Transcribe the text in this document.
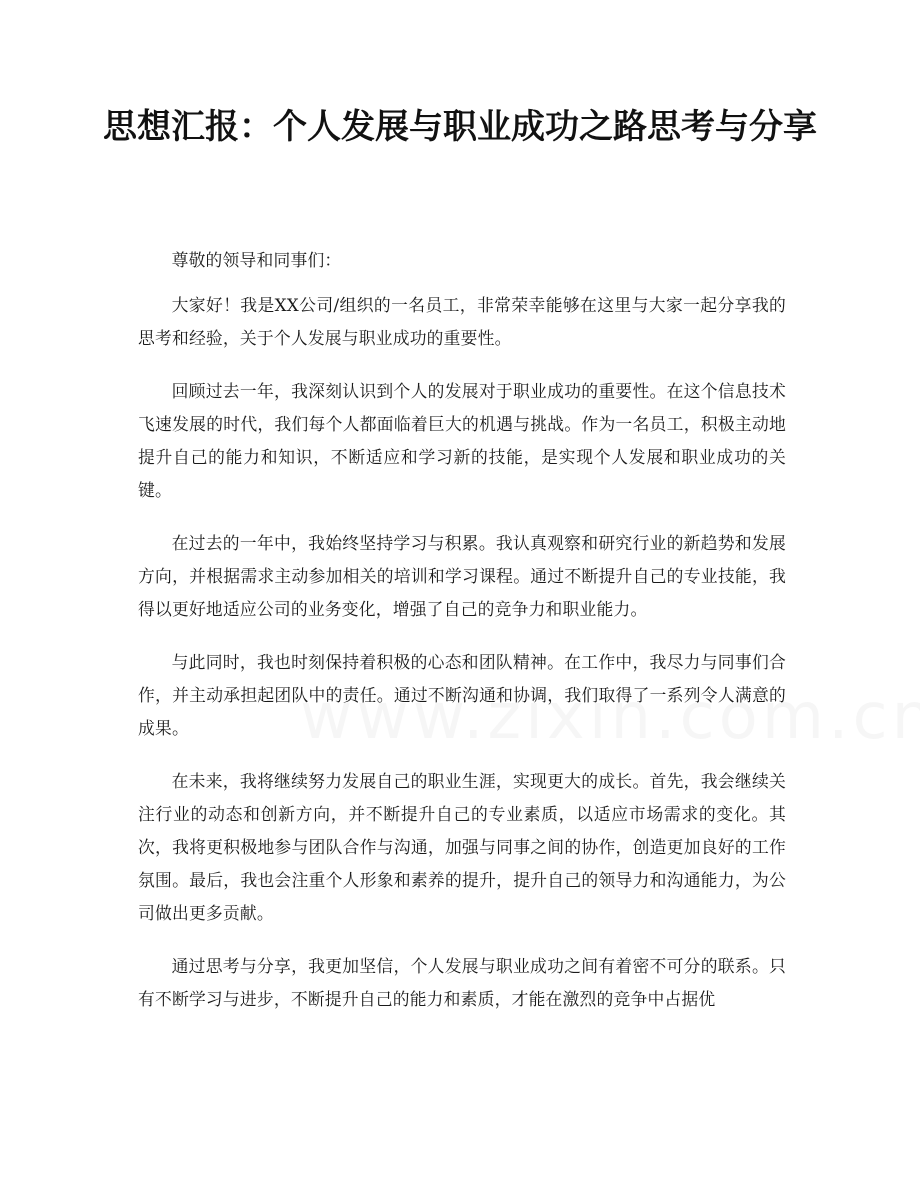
思想汇报：个人发展与职业成功之路思考与分享

尊敬的领导和同事们：

大家好！我是XX公司/组织的一名员工，非常荣幸能够在这里与大家一起分享我的思考和经验，关于个人发展与职业成功的重要性。

回顾过去一年，我深刻认识到个人的发展对于职业成功的重要性。在这个信息技术飞速发展的时代，我们每个人都面临着巨大的机遇与挑战。作为一名员工，积极主动地提升自己的能力和知识，不断适应和学习新的技能，是实现个人发展和职业成功的关键。

在过去的一年中，我始终坚持学习与积累。我认真观察和研究行业的新趋势和发展方向，并根据需求主动参加相关的培训和学习课程。通过不断提升自己的专业技能，我得以更好地适应公司的业务变化，增强了自己的竞争力和职业能力。

与此同时，我也时刻保持着积极的心态和团队精神。在工作中，我尽力与同事们合作，并主动承担起团队中的责任。通过不断沟通和协调，我们取得了一系列令人满意的成果。

在未来，我将继续努力发展自己的职业生涯，实现更大的成长。首先，我会继续关注行业的动态和创新方向，并不断提升自己的专业素质，以适应市场需求的变化。其次，我将更积极地参与团队合作与沟通，加强与同事之间的协作，创造更加良好的工作氛围。最后，我也会注重个人形象和素养的提升，提升自己的领导力和沟通能力，为公司做出更多贡献。

通过思考与分享，我更加坚信，个人发展与职业成功之间有着密不可分的联系。只有不断学习与进步，不断提升自己的能力和素质，才能在激烈的竞争中占据优
